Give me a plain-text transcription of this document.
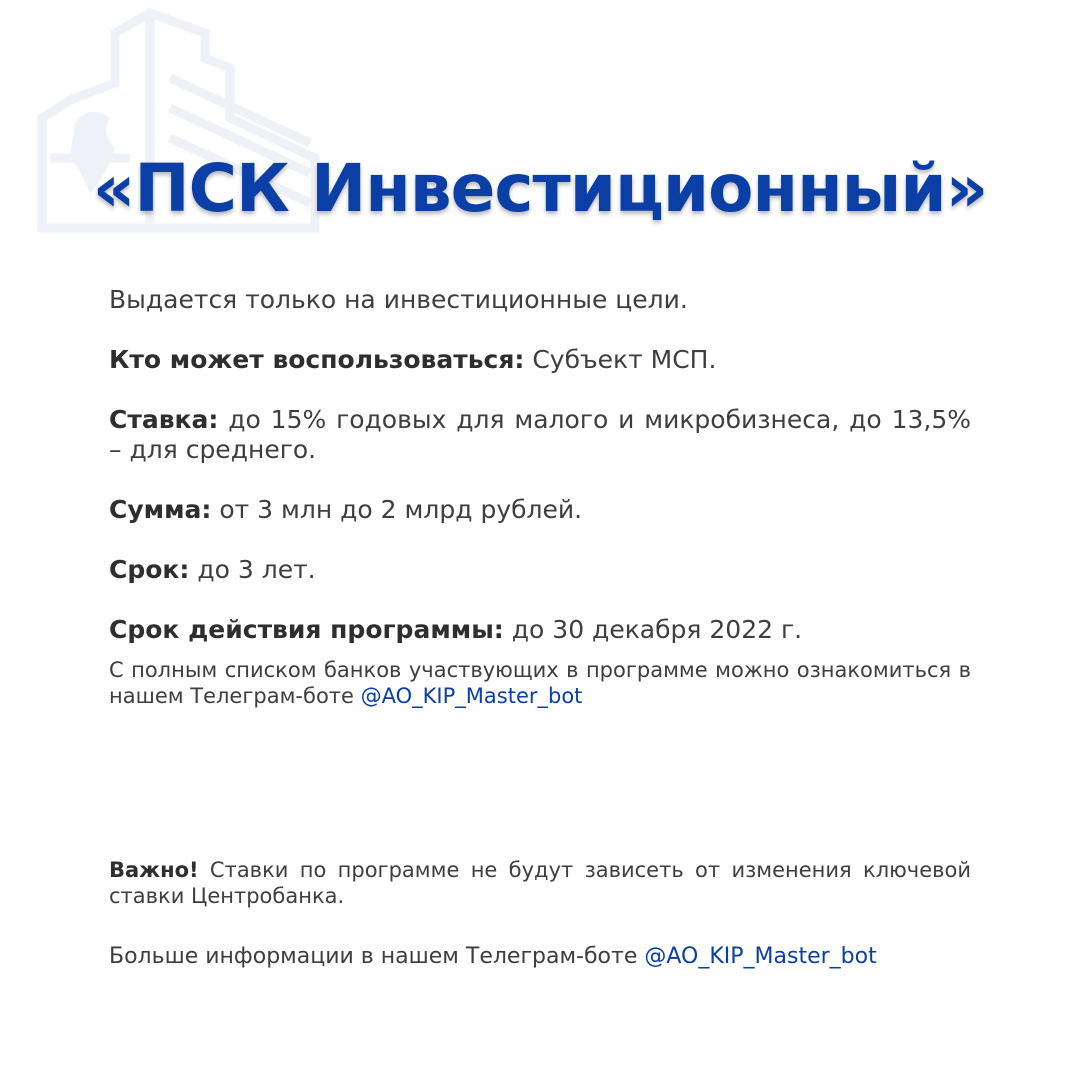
«ПСК Инвестиционный»

Выдается только на инвестиционные цели.

Кто может воспользоваться: Субъект МСП.

Ставка: до 15% годовых для малого и микробизнеса, до 13,5% – для среднего.

Сумма: от 3 млн до 2 млрд рублей.

Срок: до 3 лет.

Срок действия программы: до 30 декабря 2022 г.

С полным списком банков участвующих в программе можно ознакомиться в нашем Телеграм-боте @AO_KIP_Master_bot

Важно! Ставки по программе не будут зависеть от изменения ключевой ставки Центробанка.

Больше информации в нашем Телеграм-боте @AO_KIP_Master_bot
